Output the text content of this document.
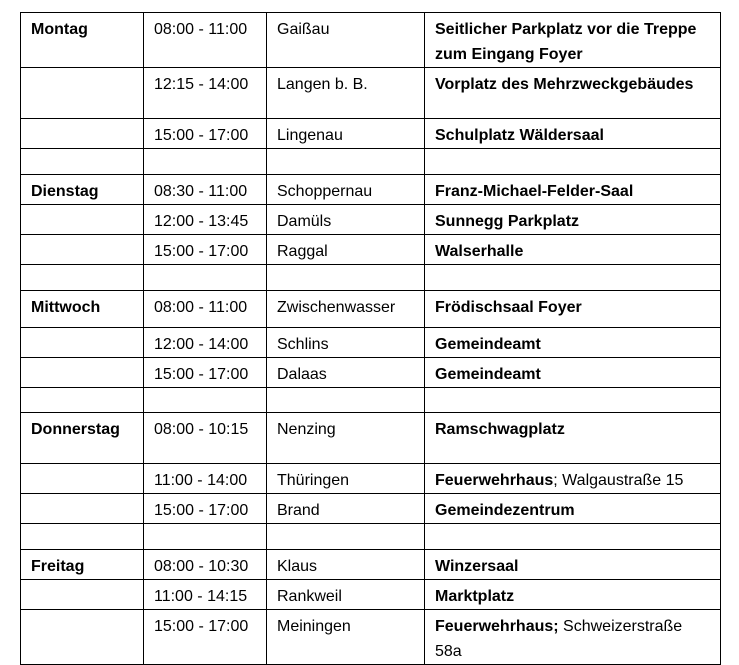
Montag	08:00 - 11:00	Gaißau	Seitlicher Parkplatz vor die Treppe
zum Eingang Foyer
	12:15 - 14:00	Langen b. B.	Vorplatz des Mehrzweckgebäudes
	15:00 - 17:00	Lingenau	Schulplatz Wäldersaal

Dienstag	08:30 - 11:00	Schoppernau	Franz-Michael-Felder-Saal
	12:00 - 13:45	Damüls	Sunnegg Parkplatz
	15:00 - 17:00	Raggal	Walserhalle

Mittwoch	08:00 - 11:00	Zwischenwasser	Frödischsaal Foyer
	12:00 - 14:00	Schlins	Gemeindeamt
	15:00 - 17:00	Dalaas	Gemeindeamt

Donnerstag	08:00 - 10:15	Nenzing	Ramschwagplatz
	11:00 - 14:00	Thüringen	Feuerwehrhaus; Walgaustraße 15
	15:00 - 17:00	Brand	Gemeindezentrum

Freitag	08:00 - 10:30	Klaus	Winzersaal
	11:00 - 14:15	Rankweil	Marktplatz
	15:00 - 17:00	Meiningen	Feuerwehrhaus; Schweizerstraße
58a
